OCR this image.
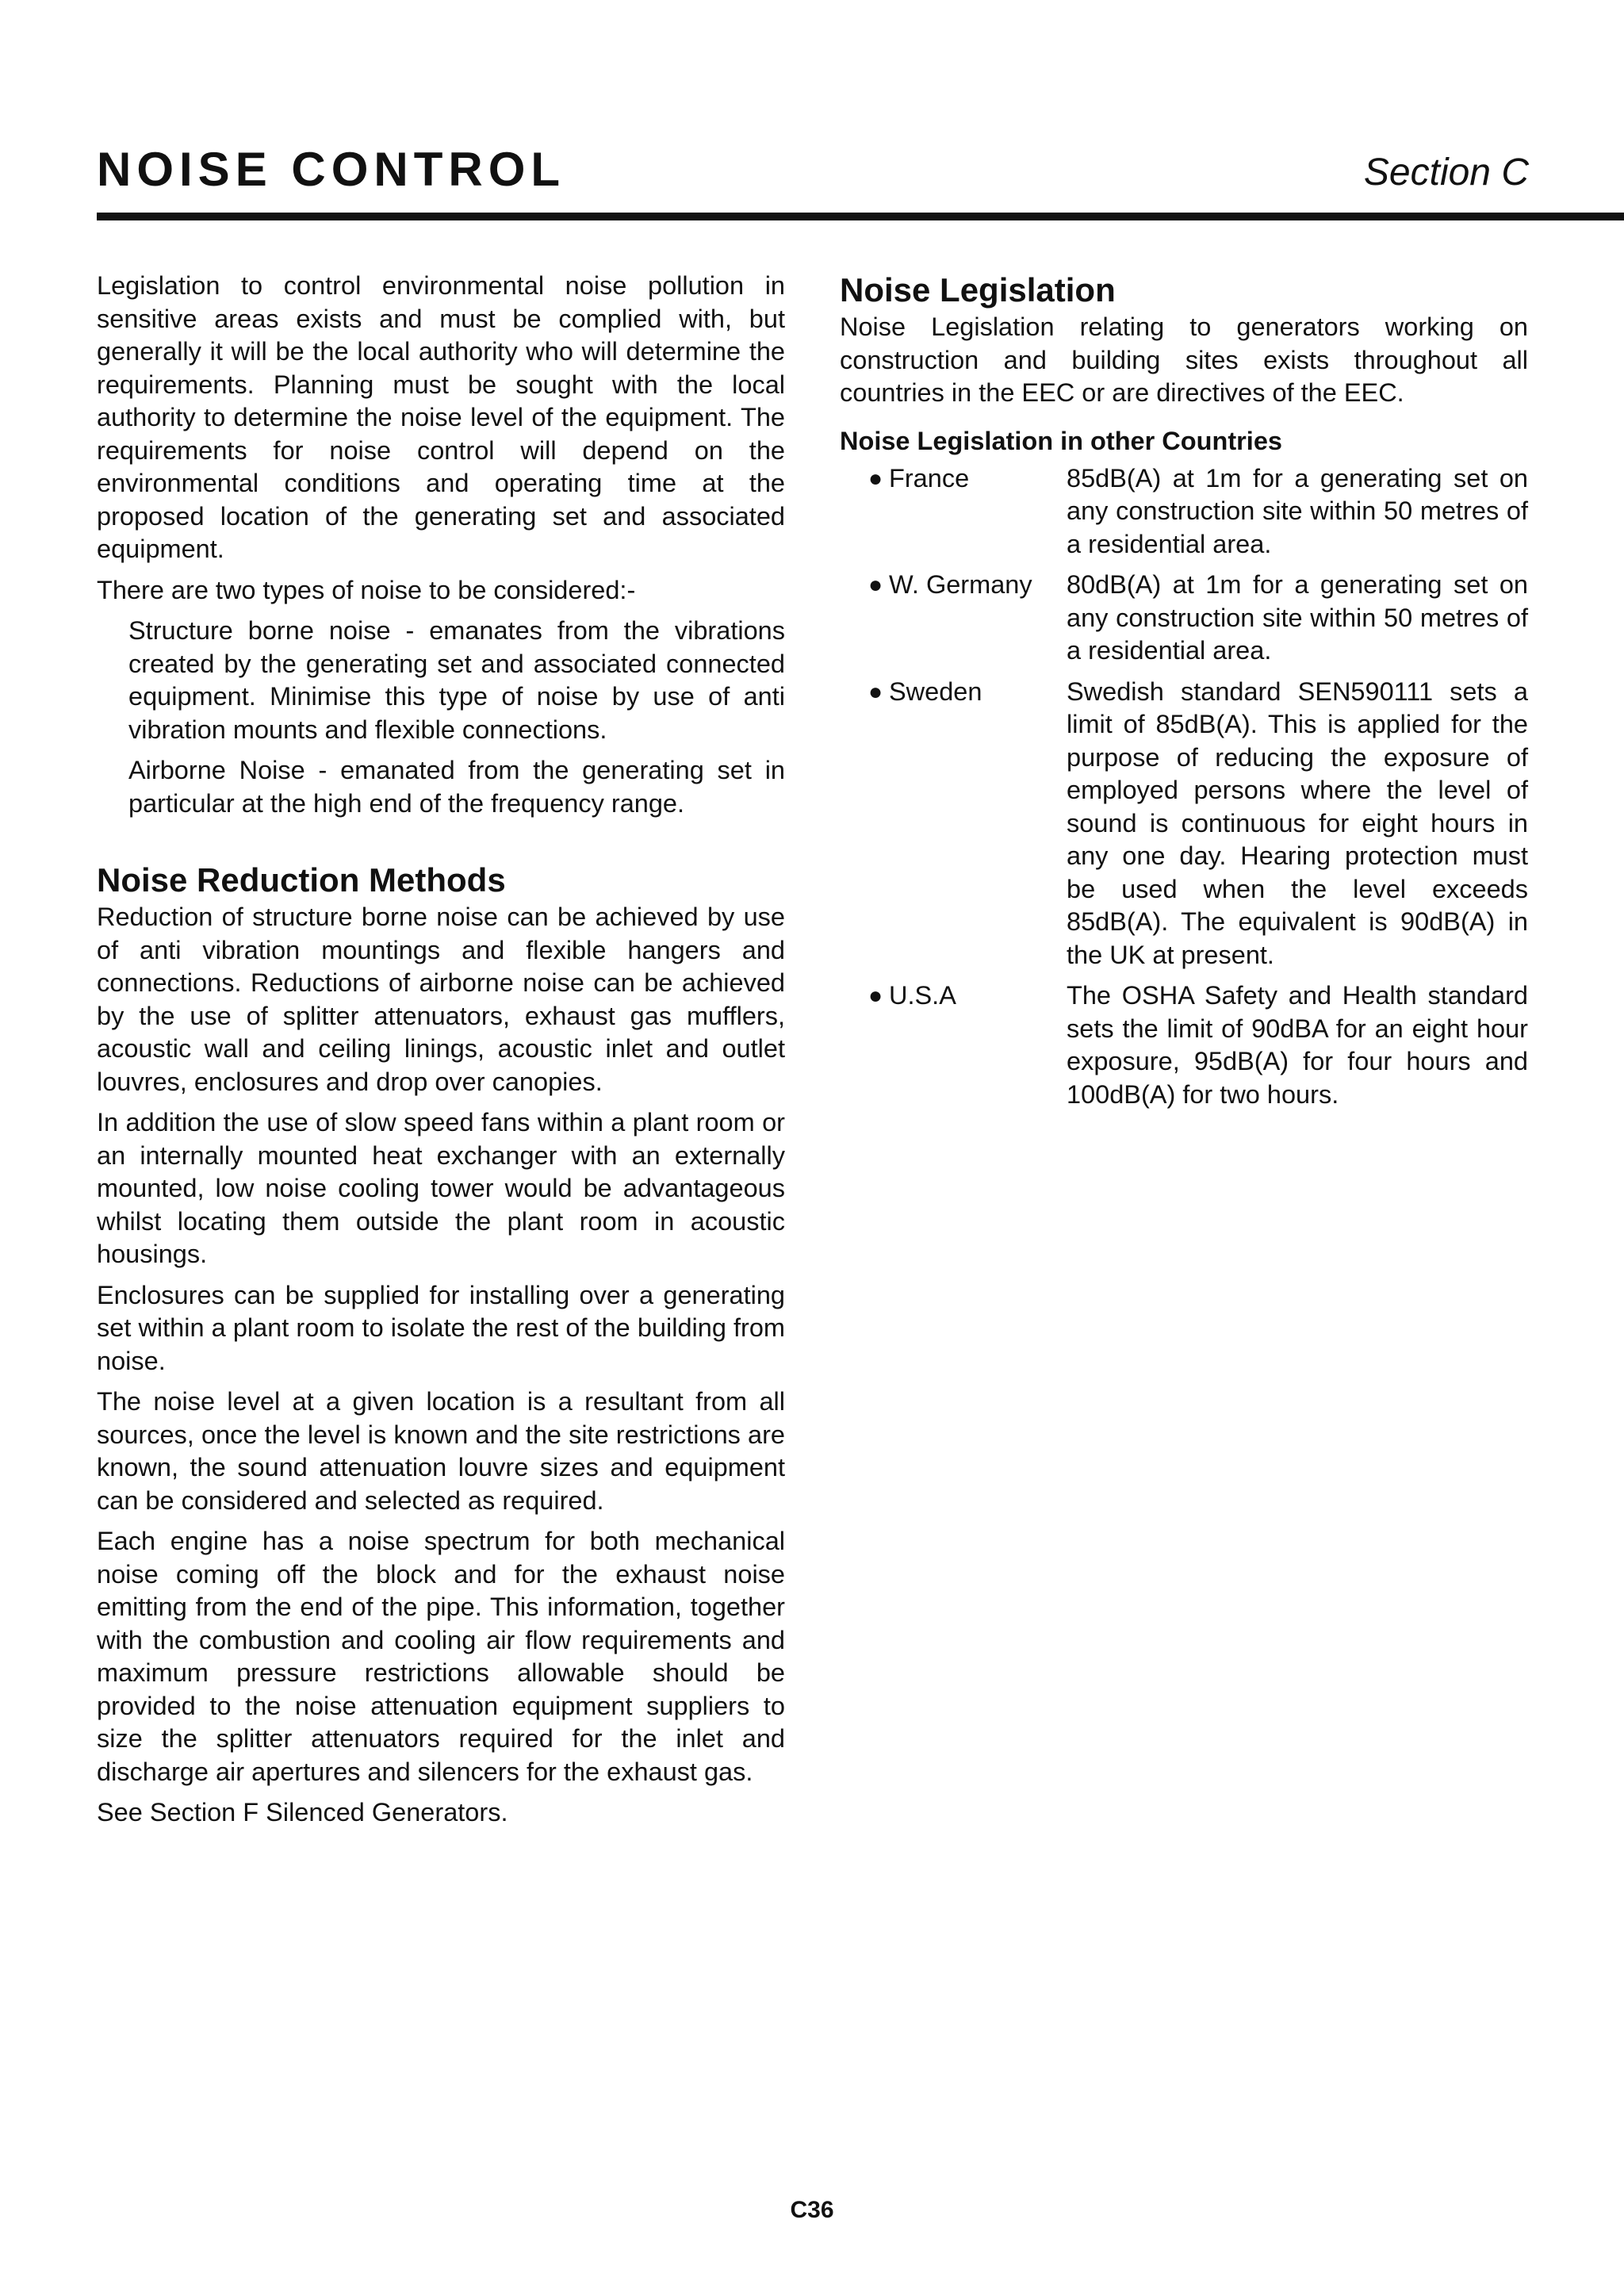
NOISE CONTROL	Section C

Legislation to control environmental noise pollution in sensitive areas exists and must be complied with, but generally it will be the local authority who will determine the requirements. Planning must be sought with the local authority to determine the noise level of the equipment. The requirements for noise control will depend on the environmental conditions and operating time at the proposed location of the generating set and associated equipment.

There are two types of noise to be considered:-

Structure borne noise - emanates from the vibrations created by the generating set and associated connected equipment. Minimise this type of noise by use of anti vibration mounts and flexible connections.

Airborne Noise - emanated from the generating set in particular at the high end of the frequency range.

Noise Reduction Methods

Reduction of structure borne noise can be achieved by use of anti vibration mountings and flexible hangers and connections. Reductions of airborne noise can be achieved by the use of splitter attenuators, exhaust gas mufflers, acoustic wall and ceiling linings, acoustic inlet and outlet louvres, enclosures and drop over canopies.

In addition the use of slow speed fans within a plant room or an internally mounted heat exchanger with an externally mounted, low noise cooling tower would be advantageous whilst locating them outside the plant room in acoustic housings.

Enclosures can be supplied for installing over a generating set within a plant room to isolate the rest of the building from noise.

The noise level at a given location is a resultant from all sources, once the level is known and the site restrictions are known, the sound attenuation louvre sizes and equipment can be considered and selected as required.

Each engine has a noise spectrum for both mechanical noise coming off the block and for the exhaust noise emitting from the end of the pipe. This information, together with the combustion and cooling air flow requirements and maximum pressure restrictions allowable should be provided to the noise attenuation equipment suppliers to size the splitter attenuators required for the inlet and discharge air apertures and silencers for the exhaust gas.

See Section F Silenced Generators.

Noise Legislation

Noise Legislation relating to generators working on construction and building sites exists throughout all countries in the EEC or are directives of the EEC.

Noise Legislation in other Countries
● France	85dB(A) at 1m for a generating set on any construction site within 50 metres of a residential area.
● W. Germany	80dB(A) at 1m for a generating set on any construction site within 50 metres of a residential area.
● Sweden	Swedish standard SEN590111 sets a limit of 85dB(A). This is applied for the purpose of reducing the exposure of employed persons where the level of sound is continuous for eight hours in any one day. Hearing protection must be used when the level exceeds 85dB(A). The equivalent is 90dB(A) in the UK at present.
● U.S.A	The OSHA Safety and Health standard sets the limit of 90dBA for an eight hour exposure, 95dB(A) for four hours and 100dB(A) for two hours.
C36
